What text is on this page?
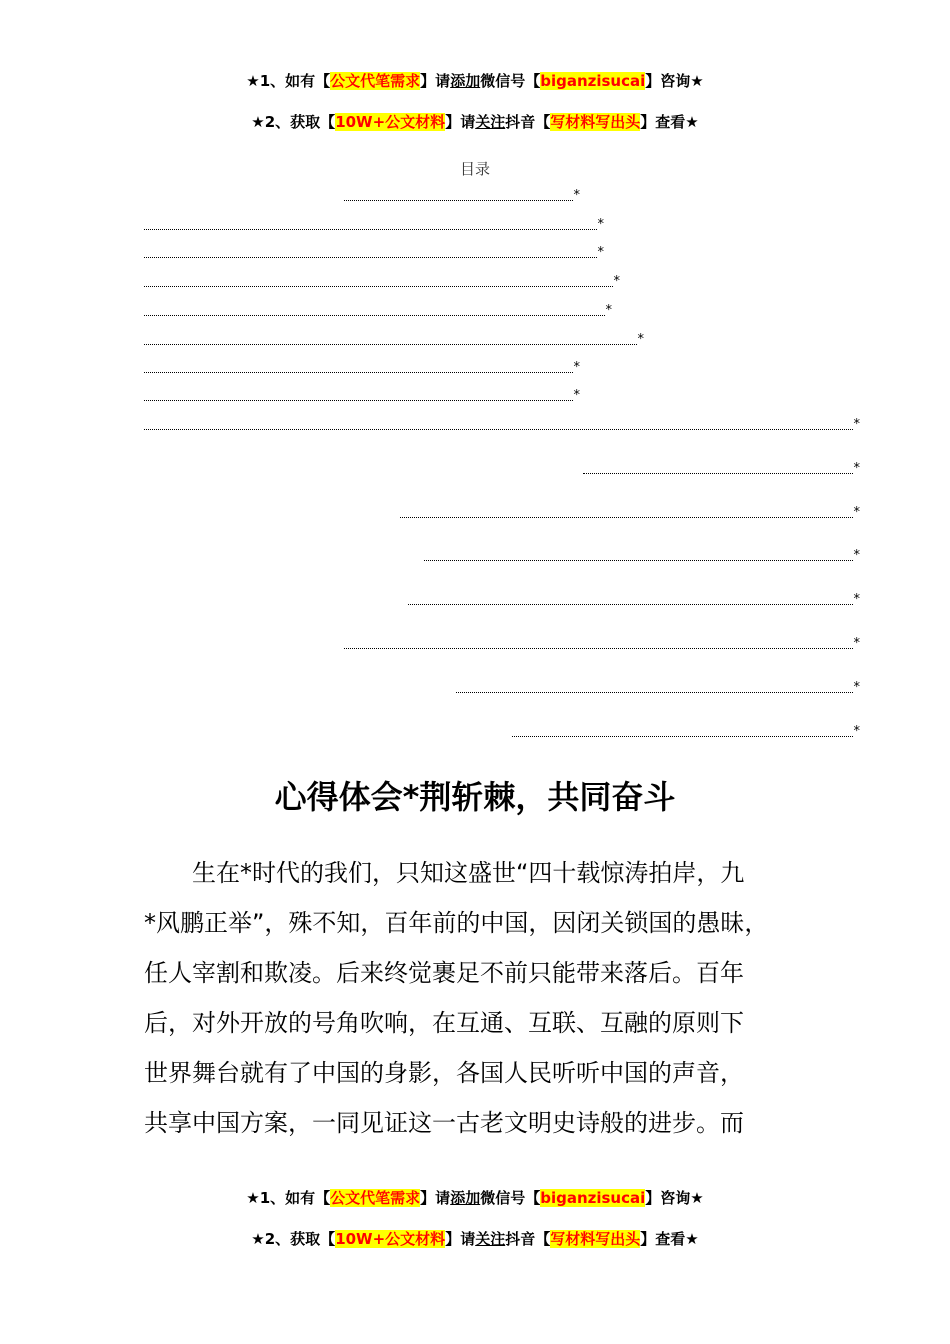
★1、如有【公文代笔需求】请添加微信号【biganzisucai】咨询★
★2、获取【10W+公文材料】请关注抖音【写材料写出头】查看★
目录
*
*
*
*
*
*
*
*
*
*
*
*
*
*
*
*
心得体会*荆斩棘，共同奋斗
　　生在*时代的我们，只知这盛世“四十载惊涛拍岸，九
*风鹏正举”，殊不知，百年前的中国，因闭关锁国的愚昧，
任人宰割和欺凌。后来终觉裹足不前只能带来落后。百年
后，对外开放的号角吹响，在互通、互联、互融的原则下
世界舞台就有了中国的身影，各国人民听听中国的声音，
共享中国方案，一同见证这一古老文明史诗般的进步。而
★1、如有【公文代笔需求】请添加微信号【biganzisucai】咨询★
★2、获取【10W+公文材料】请关注抖音【写材料写出头】查看★
